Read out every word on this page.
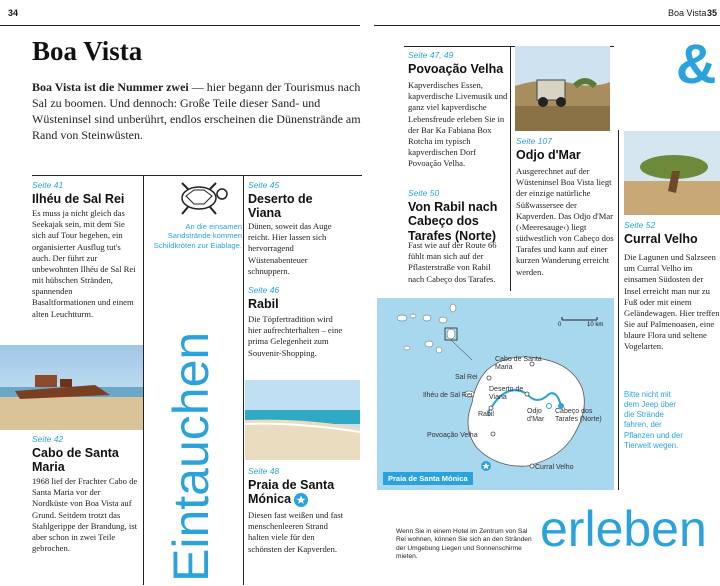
34	Boa Vista 35
Boa Vista
Boa Vista ist die Nummer zwei — hier begann der Tourismus nach Sal zu boomen. Und dennoch: Große Teile dieser Sand- und Wüsteninsel sind unberührt, endlos erscheinen die Dünenstrände am Rand von Steinwüsten.
Seite 41
Ilhéu de Sal Rei
Es muss ja nicht gleich das Seekajak sein, mit dem Sie sich auf Tour begeben, ein organisierter Ausflug tut's auch. Der führt zur unbewohnten Ilhéu de Sal Rei mit hübschen Stränden, spannenden Basaltformationen und einem alten Leuchtturm.
Seite 42
Cabo de Santa Maria
1968 lief der Frachter Cabo de Santa Maria vor der Nordküste von Boa Vista auf Grund. Seitdem trotzt das Stahlgerippe der Brandung, ist aber schon in zwei Teile gebrochen.
An die einsamen Sandstrände kommen Schildkröten zur Eiablage.
Eintauchen
Seite 45
Deserto de Viana
Dünen, soweit das Auge reicht. Hier lassen sich hervorragend Wüstenabenteuer schnuppern.
Seite 46
Rabil
Die Töpfertradition wird hier aufrechterhalten – eine prima Gelegenheit zum Souvenir-Shopping.
Seite 48
Praia de Santa Mónica
Diesen fast weißen und fast menschenleeren Strand halten viele für den schönsten der Kapverden.
Seite 47, 49
Povoação Velha
Kapverdisches Essen, kapverdische Livemusik und ganz viel kapverdische Lebensfreude erleben Sie in der Bar Ka Fabiana Box Rotcha im typisch kapverdischen Dorf Povoação Velha.
Seite 50
Von Rabil nach Cabeço dos Tarafes (Norte)
Fast wie auf der Route 66 fühlt man sich auf der Pflasterstraße von Rabil nach Cabeço dos Tarafes.
Seite 107
Odjo d'Mar
Ausgerechnet auf der Wüsteninsel Boa Vista liegt der einzige natürliche Süßwassersee der Kapverden. Das Odjo d'Mar (›Meeresauge‹) liegt südwestlich von Cabeço dos Tarafes und kann auf einer kurzen Wanderung erreicht werden.
&
Seite 52
Curral Velho
Die Lagunen und Salzseen um Curral Velho im einsamen Südosten der Insel erreicht man nur zu Fuß oder mit einem Geländewagen. Hier treffen Sie auf Palmenoasen, eine blaure Flora und seltene Vogelarten.
Bitte nicht mit dem Jeep über die Strände fahren, der Pflanzen und der Tierwelt wegen.
0	10 km
Cabo de Santa Maria
Sal Rei
Ilhéu de Sal Rei
Deserto de Viana
Rabil	Odjo d'Mar
Cabeço dos Tarafes (Norte)
Povoação Velha
Curral Velho
Praia de Santa Mónica
Wenn Sie in einem Hotel im Zentrum von Sal Rei wohnen, können Sie sich an den Stränden der Umgebung Liegen und Sonnenschirme mieten.	erleben
